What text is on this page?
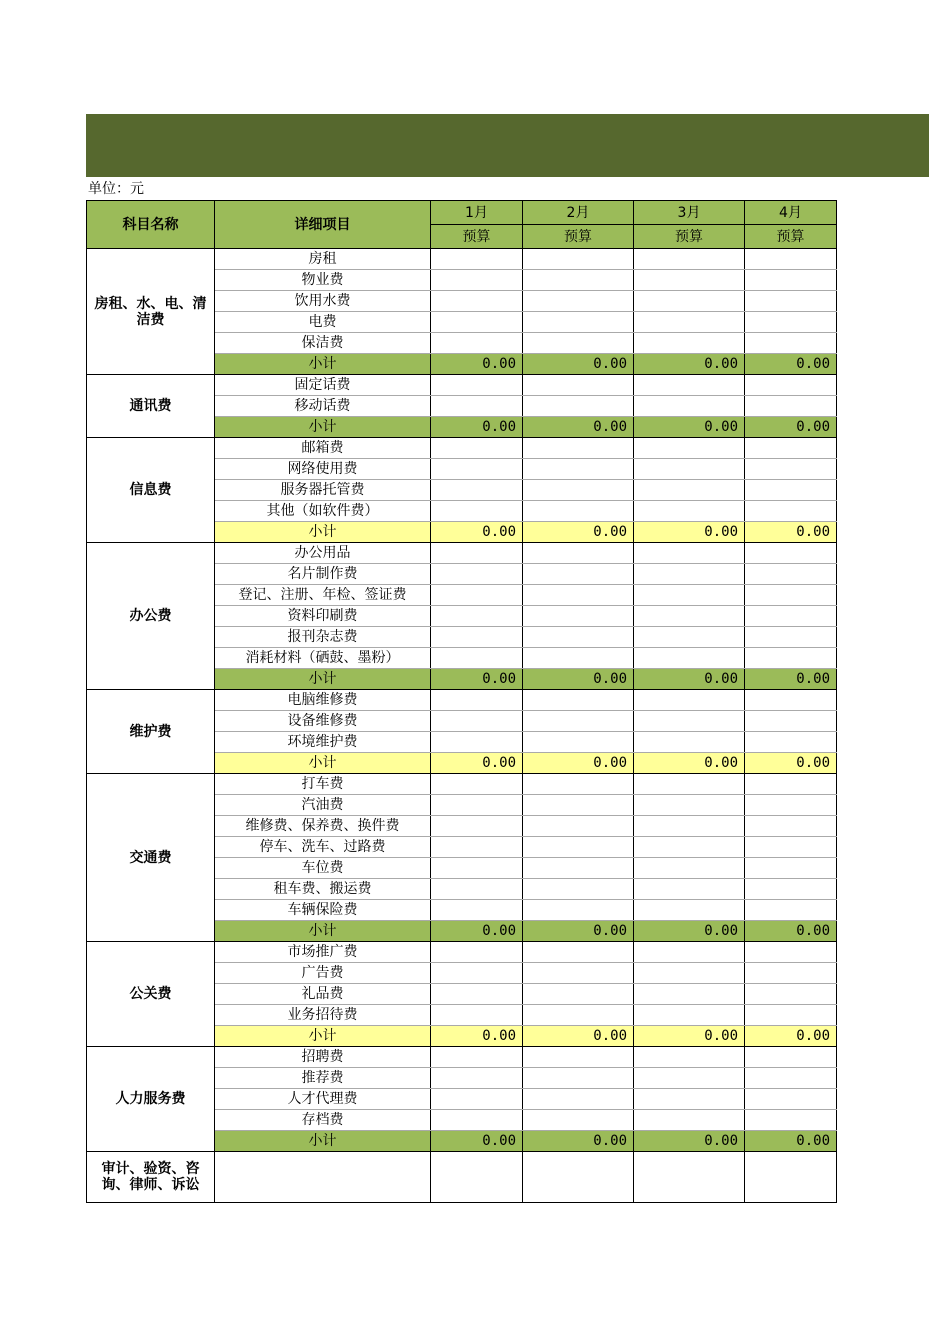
单位：元
科目名称	详细项目	1月	2月	3月	4月
		预算	预算	预算	预算
房租、水、电、清洁费	房租				
	物业费				
	饮用水费				
	电费				
	保洁费				
	小计	0.00	0.00	0.00	0.00
通讯费	固定话费				
	移动话费				
	小计	0.00	0.00	0.00	0.00
信息费	邮箱费				
	网络使用费				
	服务器托管费				
	其他（如软件费）				
	小计	0.00	0.00	0.00	0.00
办公费	办公用品				
	名片制作费				
	登记、注册、年检、签证费				
	资料印刷费				
	报刊杂志费				
	消耗材料（硒鼓、墨粉）				
	小计	0.00	0.00	0.00	0.00
维护费	电脑维修费				
	设备维修费				
	环境维护费				
	小计	0.00	0.00	0.00	0.00
交通费	打车费				
	汽油费				
	维修费、保养费、换件费				
	停车、洗车、过路费				
	车位费				
	租车费、搬运费				
	车辆保险费				
	小计	0.00	0.00	0.00	0.00
公关费	市场推广费				
	广告费				
	礼品费				
	业务招待费				
	小计	0.00	0.00	0.00	0.00
人力服务费	招聘费				
	推荐费				
	人才代理费				
	存档费				
	小计	0.00	0.00	0.00	0.00
审计、验资、咨询、律师、诉讼					
